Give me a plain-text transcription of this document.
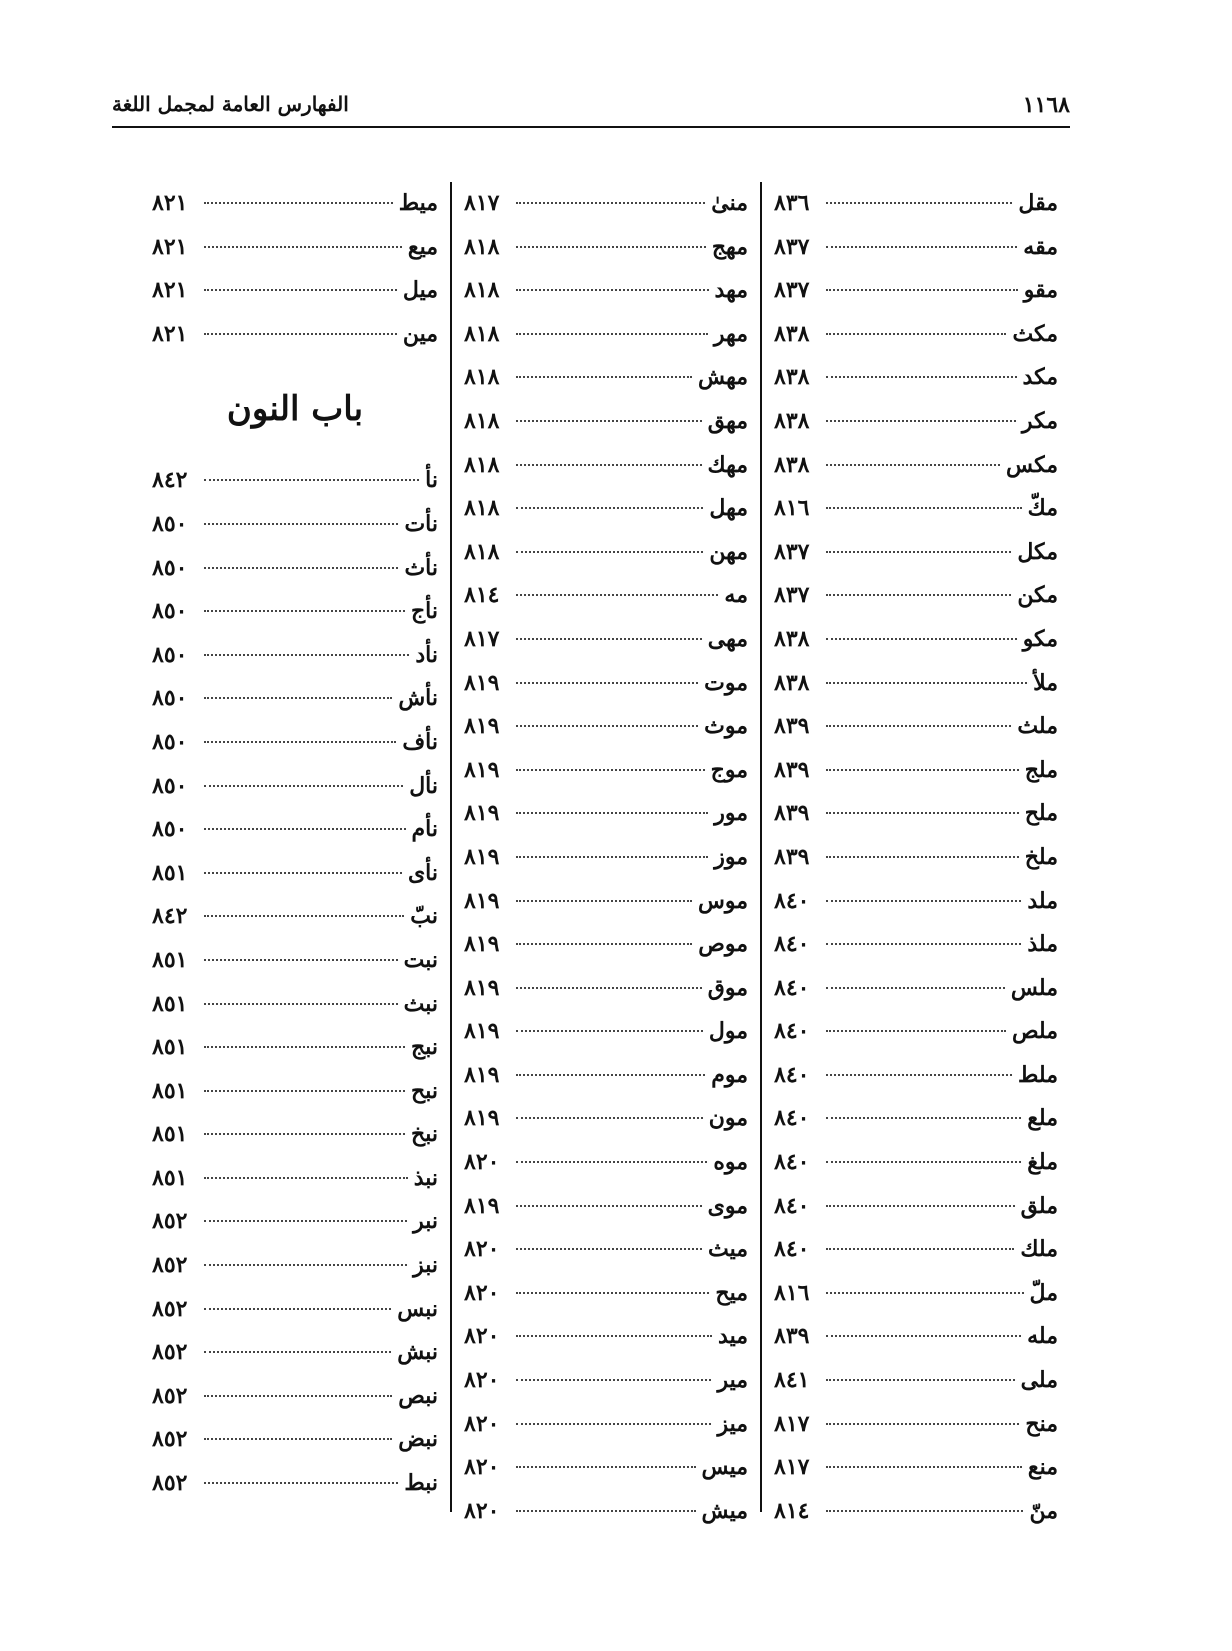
١١٦٨
الفهارس العامة لمجمل اللغة
مقل
٨٣٦
مقه
٨٣٧
مقو
٨٣٧
مكث
٨٣٨
مكد
٨٣٨
مكر
٨٣٨
مكس
٨٣٨
مكّ
٨١٦
مكل
٨٣٧
مكن
٨٣٧
مكو
٨٣٨
ملأ
٨٣٨
ملث
٨٣٩
ملج
٨٣٩
ملح
٨٣٩
ملخ
٨٣٩
ملد
٨٤٠
ملذ
٨٤٠
ملس
٨٤٠
ملص
٨٤٠
ملط
٨٤٠
ملع
٨٤٠
ملغ
٨٤٠
ملق
٨٤٠
ملك
٨٤٠
ملّ
٨١٦
مله
٨٣٩
ملى
٨٤١
منح
٨١٧
منع
٨١٧
منّ
٨١٤
منىٰ
٨١٧
مهج
٨١٨
مهد
٨١٨
مهر
٨١٨
مهش
٨١٨
مهق
٨١٨
مهك
٨١٨
مهل
٨١٨
مهن
٨١٨
مه
٨١٤
مهى
٨١٧
موت
٨١٩
موث
٨١٩
موج
٨١٩
مور
٨١٩
موز
٨١٩
موس
٨١٩
موص
٨١٩
موق
٨١٩
مول
٨١٩
موم
٨١٩
مون
٨١٩
موه
٨٢٠
موى
٨١٩
ميث
٨٢٠
ميح
٨٢٠
ميد
٨٢٠
مير
٨٢٠
ميز
٨٢٠
ميس
٨٢٠
ميش
٨٢٠
ميط
٨٢١
ميع
٨٢١
ميل
٨٢١
مين
٨٢١
باب النون
نأ
٨٤٢
نأت
٨٥٠
نأث
٨٥٠
نأج
٨٥٠
نأد
٨٥٠
نأش
٨٥٠
نأف
٨٥٠
نأل
٨٥٠
نأم
٨٥٠
نأى
٨٥١
نبّ
٨٤٢
نبت
٨٥١
نبث
٨٥١
نبج
٨٥١
نبح
٨٥١
نبخ
٨٥١
نبذ
٨٥١
نبر
٨٥٢
نبز
٨٥٢
نبس
٨٥٢
نبش
٨٥٢
نبص
٨٥٢
نبض
٨٥٢
نبط
٨٥٢
